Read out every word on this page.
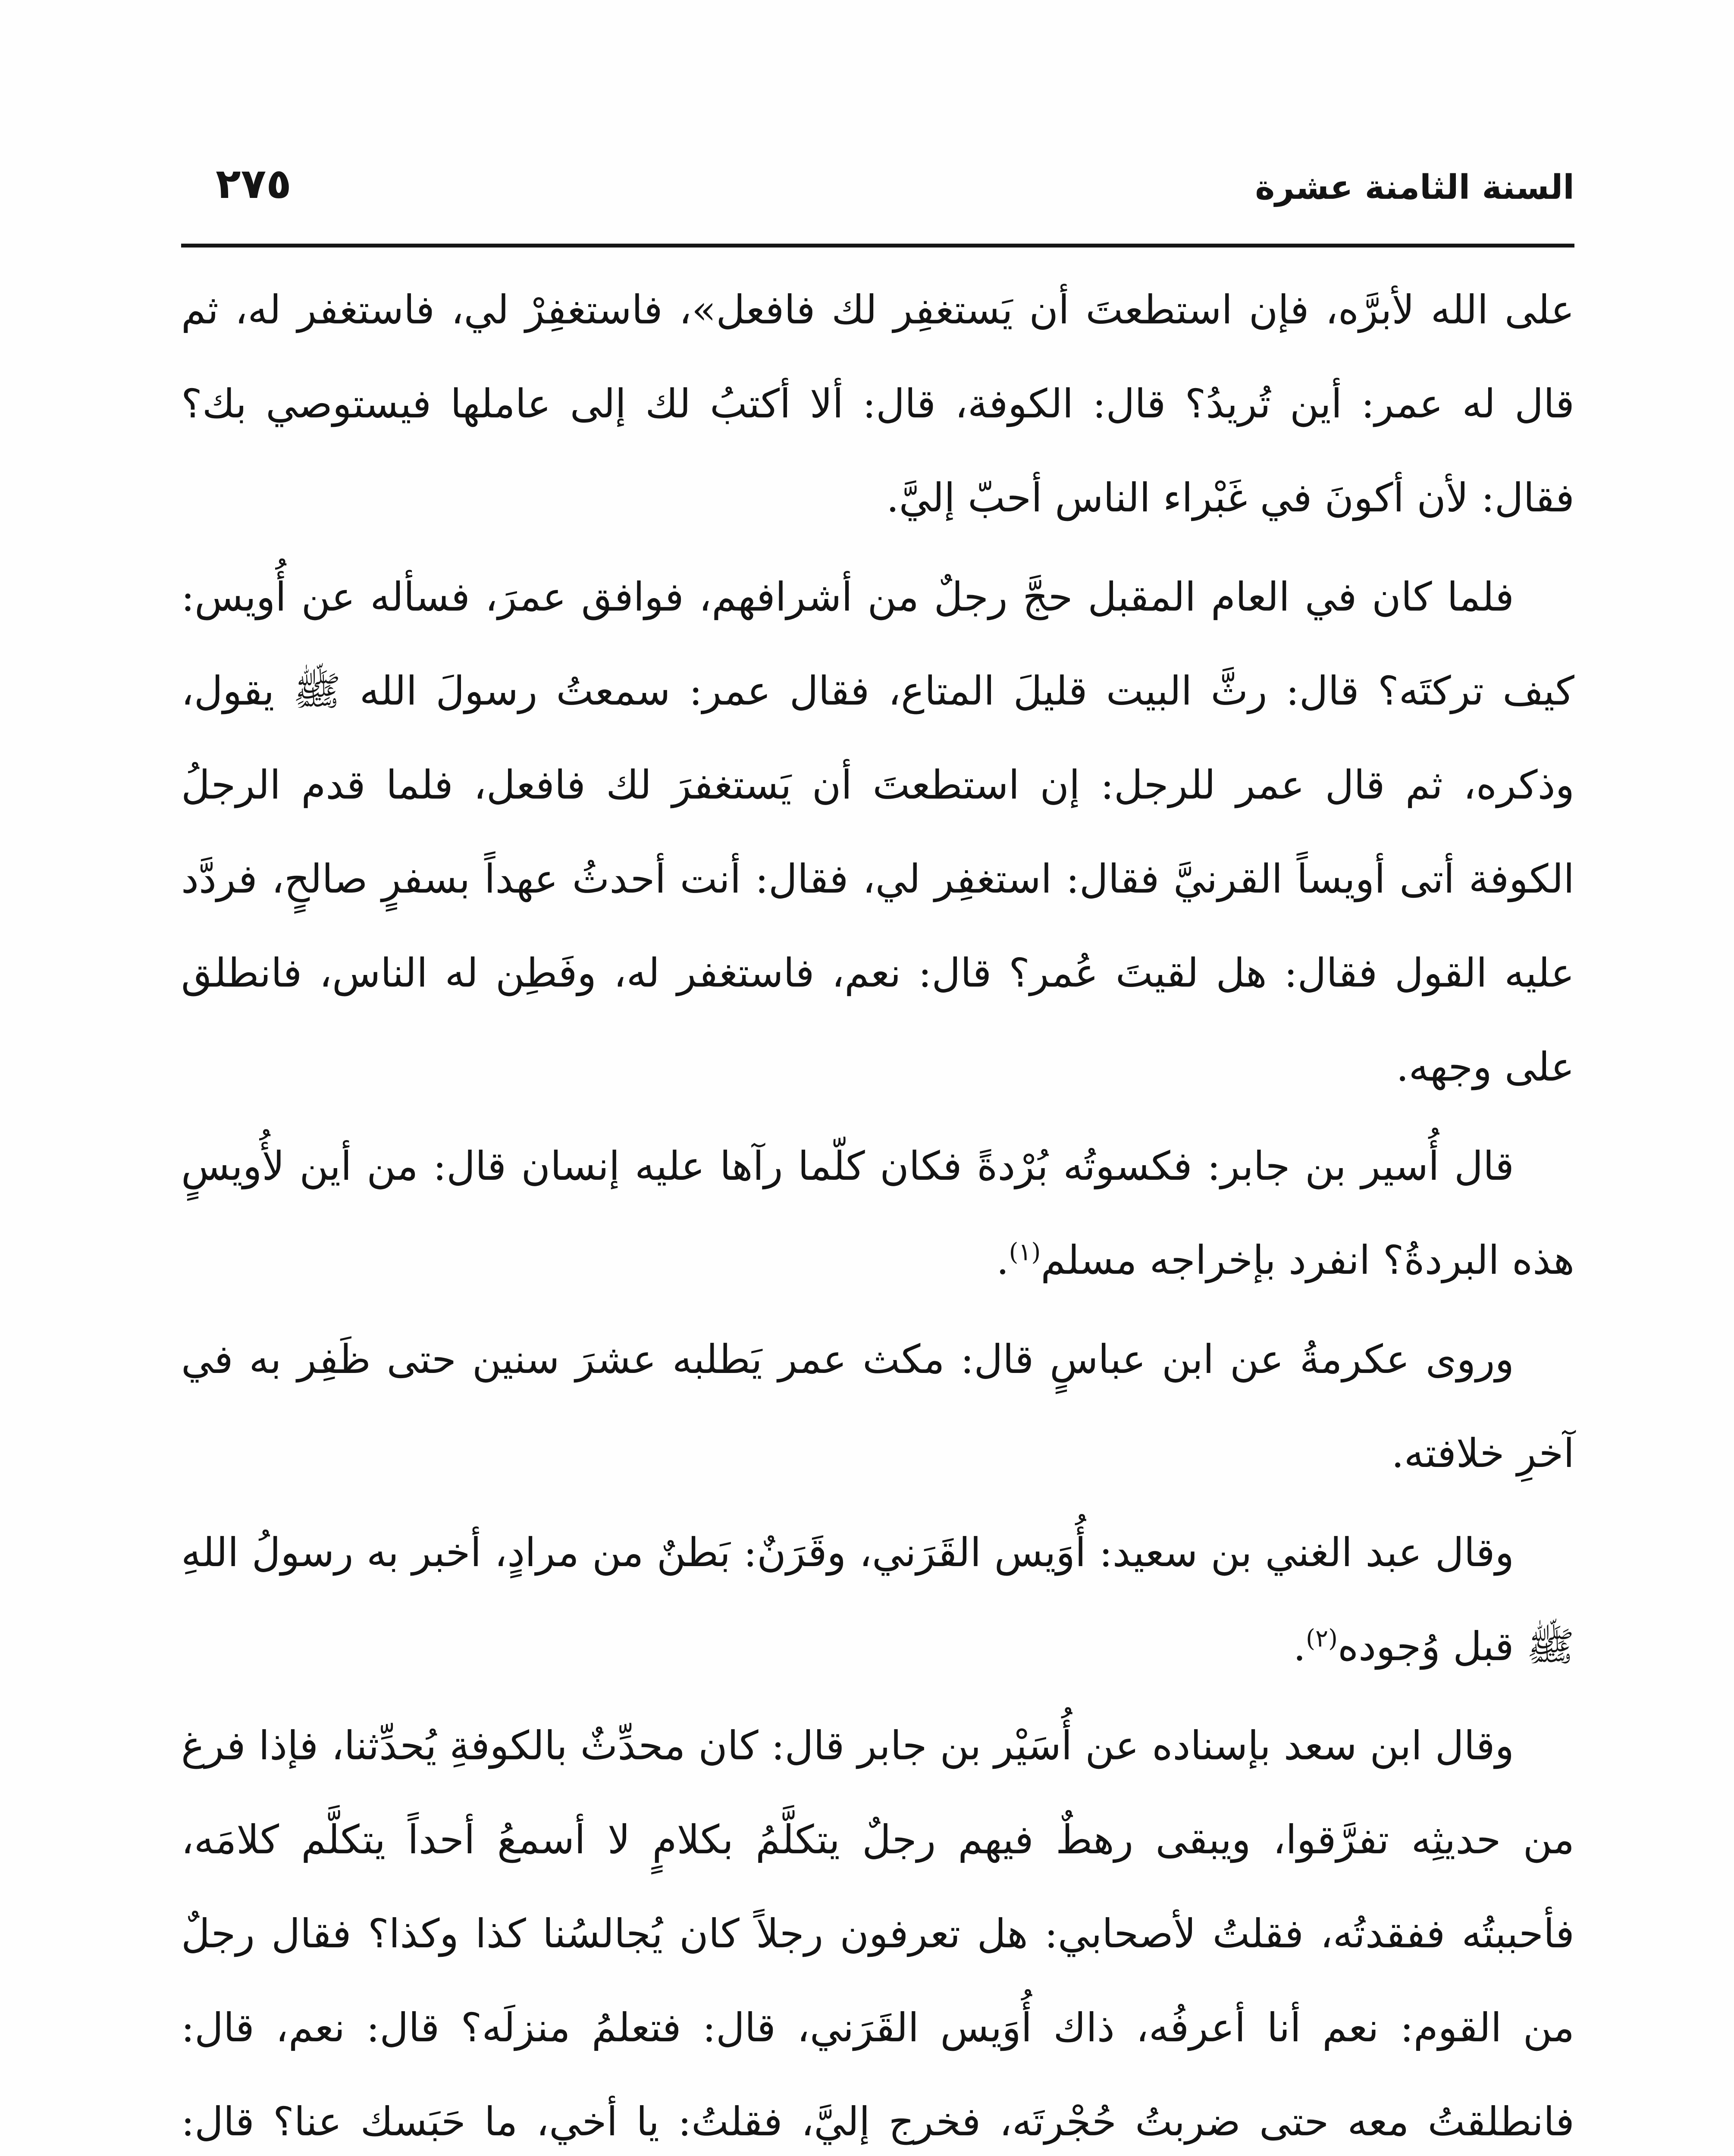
السنة الثامنة عشرة
٢٧٥

على الله لأبرَّه، فإن استطعتَ أن يَستغفِر لك فافعل»، فاستغفِرْ لي، فاستغفر له، ثم قال له عمر: أين تُريدُ؟ قال: الكوفة، قال: ألا أكتبُ لك إلى عاملها فيستوصي بك؟ فقال: لأن أكونَ في غَبْراء الناس أحبّ إليَّ.

فلما كان في العام المقبل حجَّ رجلٌ من أشرافهم، فوافق عمرَ، فسأله عن أُويس: كيف تركتَه؟ قال: رثَّ البيت قليلَ المتاع، فقال عمر: سمعتُ رسولَ الله ﷺ يقول، وذكره، ثم قال عمر للرجل: إن استطعتَ أن يَستغفرَ لك فافعل، فلما قدم الرجلُ الكوفة أتى أويساً القرنيَّ فقال: استغفِر لي، فقال: أنت أحدثُ عهداً بسفرٍ صالحٍ، فردَّد عليه القول فقال: هل لقيتَ عُمر؟ قال: نعم، فاستغفر له، وفَطِن له الناس، فانطلق على وجهه.

قال أُسير بن جابر: فكسوتُه بُرْدةً فكان كلّما رآها عليه إنسان قال: من أين لأُويسٍ هذه البردةُ؟ انفرد بإخراجه مسلم$^{(١)}$.

وروى عكرمةُ عن ابن عباسٍ قال: مكث عمر يَطلبه عشرَ سنين حتى ظَفِر به في آخرِ خلافته.

وقال عبد الغني بن سعيد: أُوَيس القَرَني، وقَرَنٌ: بَطنٌ من مرادٍ، أخبر به رسولُ اللهِ ﷺ قبل وُجوده$^{(٢)}$.

وقال ابن سعد بإسناده عن أُسَيْر بن جابر قال: كان محدِّثٌ بالكوفةِ يُحدِّثنا، فإذا فرغ من حديثِه تفرَّقوا، ويبقى رهطٌ فيهم رجلٌ يتكلَّمُ بكلامٍ لا أسمعُ أحداً يتكلَّم كلامَه، فأحببتُه ففقدتُه، فقلتُ لأصحابي: هل تعرفون رجلاً كان يُجالسُنا كذا وكذا؟ فقال رجلٌ من القوم: نعم أنا أعرفُه، ذاك أُوَيس القَرَني، قال: فتعلمُ منزلَه؟ قال: نعم، قال: فانطلقتُ معه حتى ضربتُ حُجْرتَه، فخرج إليَّ، فقلتُ: يا أخي، ما حَبَسك عنا؟ قال:
